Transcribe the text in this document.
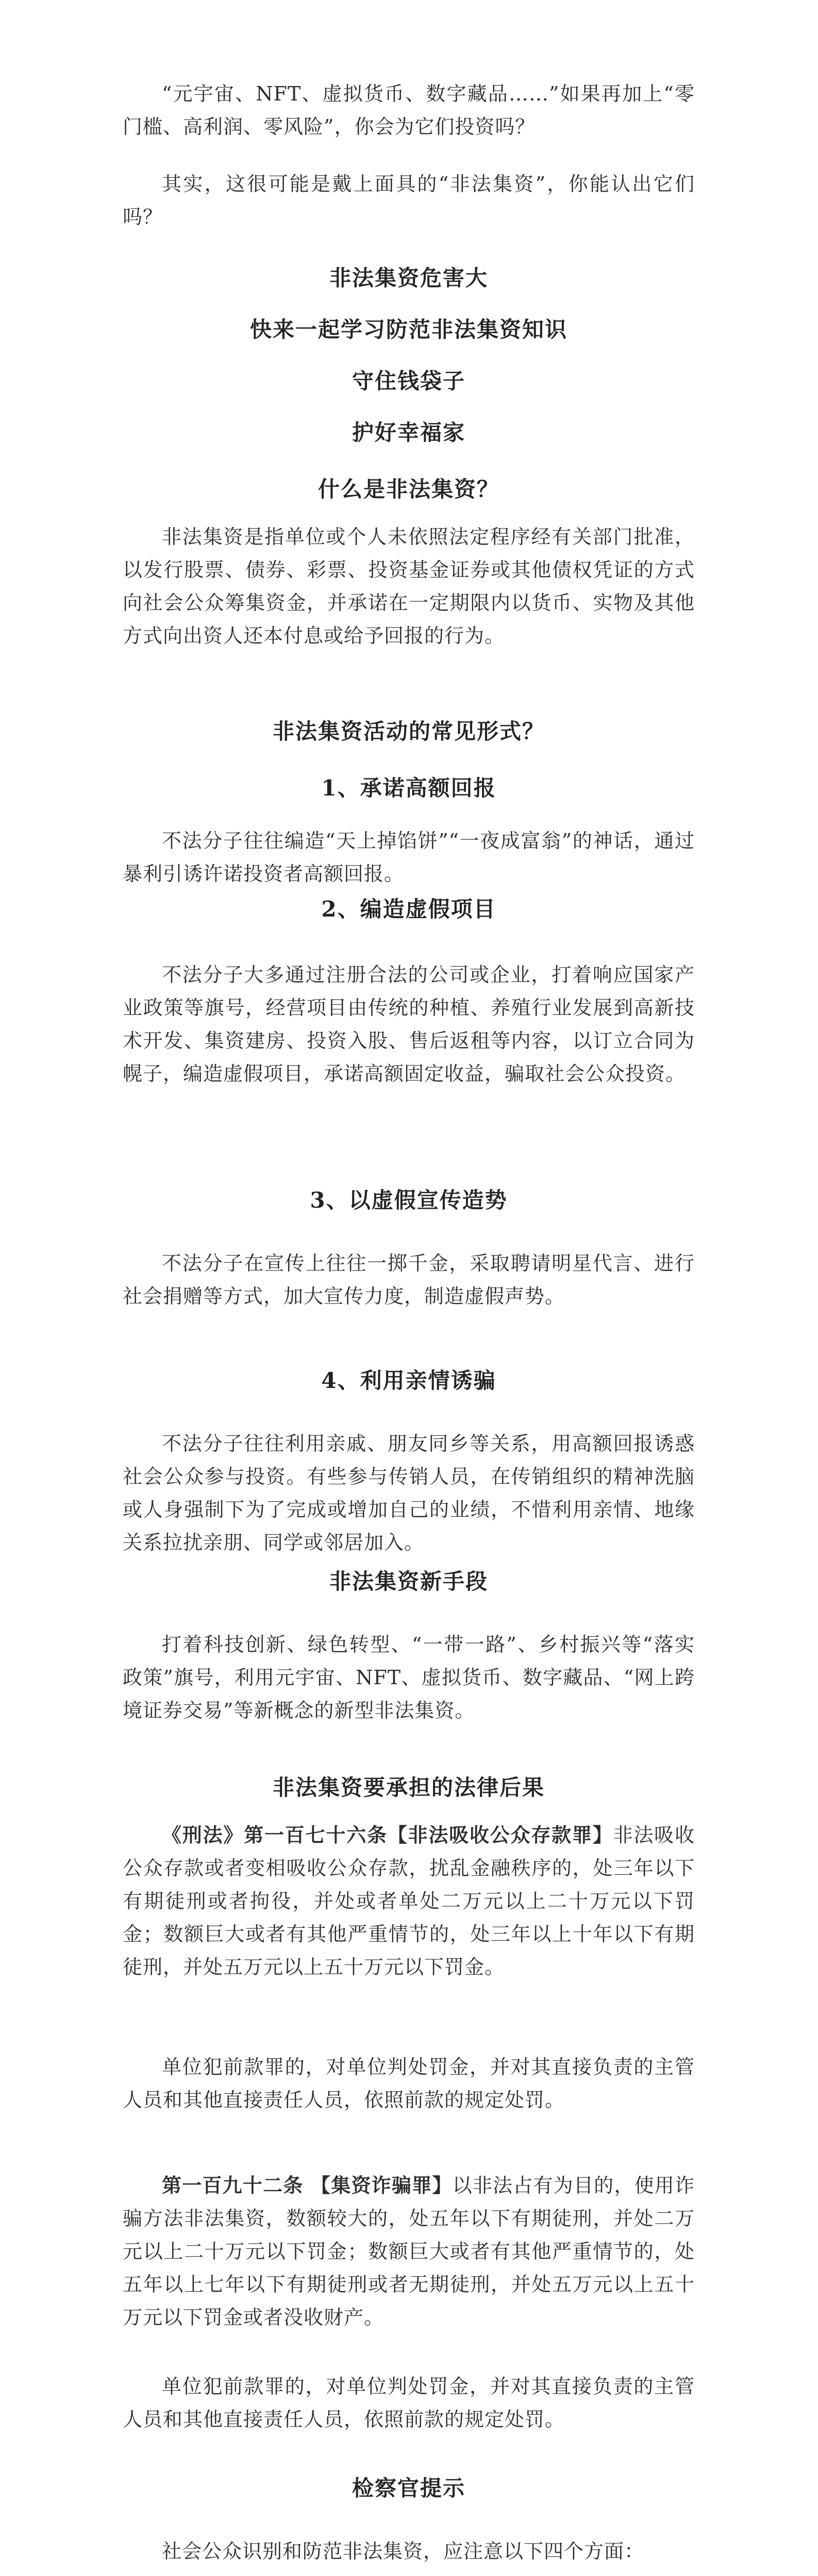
“元宇宙、NFT、虚拟货币、数字藏品……”如果再加上“零门槛、高利润、零风险”，你会为它们投资吗？

其实，这很可能是戴上面具的“非法集资”，你能认出它们吗？

非法集资危害大

快来一起学习防范非法集资知识

守住钱袋子

护好幸福家

什么是非法集资？

非法集资是指单位或个人未依照法定程序经有关部门批准，以发行股票、债券、彩票、投资基金证券或其他债权凭证的方式向社会公众筹集资金，并承诺在一定期限内以货币、实物及其他方式向出资人还本付息或给予回报的行为。

非法集资活动的常见形式？

1、承诺高额回报

不法分子往往编造“天上掉馅饼”“一夜成富翁”的神话，通过暴利引诱许诺投资者高额回报。

2、编造虚假项目

不法分子大多通过注册合法的公司或企业，打着响应国家产业政策等旗号，经营项目由传统的种植、养殖行业发展到高新技术开发、集资建房、投资入股、售后返租等内容，以订立合同为幌子，编造虚假项目，承诺高额固定收益，骗取社会公众投资。

3、以虚假宣传造势

不法分子在宣传上往往一掷千金，采取聘请明星代言、进行社会捐赠等方式，加大宣传力度，制造虚假声势。

4、利用亲情诱骗

不法分子往往利用亲戚、朋友同乡等关系，用高额回报诱惑社会公众参与投资。有些参与传销人员，在传销组织的精神洗脑或人身强制下为了完成或增加自己的业绩，不惜利用亲情、地缘关系拉扰亲朋、同学或邻居加入。

非法集资新手段

打着科技创新、绿色转型、“一带一路”、乡村振兴等“落实政策”旗号，利用元宇宙、NFT、虚拟货币、数字藏品、“网上跨境证券交易”等新概念的新型非法集资。

非法集资要承担的法律后果

《刑法》第一百七十六条【非法吸收公众存款罪】非法吸收公众存款或者变相吸收公众存款，扰乱金融秩序的，处三年以下有期徒刑或者拘役，并处或者单处二万元以上二十万元以下罚金；数额巨大或者有其他严重情节的，处三年以上十年以下有期徒刑，并处五万元以上五十万元以下罚金。

单位犯前款罪的，对单位判处罚金，并对其直接负责的主管人员和其他直接责任人员，依照前款的规定处罚。

第一百九十二条 【集资诈骗罪】以非法占有为目的，使用诈骗方法非法集资，数额较大的，处五年以下有期徒刑，并处二万元以上二十万元以下罚金；数额巨大或者有其他严重情节的，处五年以上七年以下有期徒刑或者无期徒刑，并处五万元以上五十万元以下罚金或者没收财产。

单位犯前款罪的，对单位判处罚金，并对其直接负责的主管人员和其他直接责任人员，依照前款的规定处罚。

检察官提示

社会公众识别和防范非法集资，应注意以下四个方面：
